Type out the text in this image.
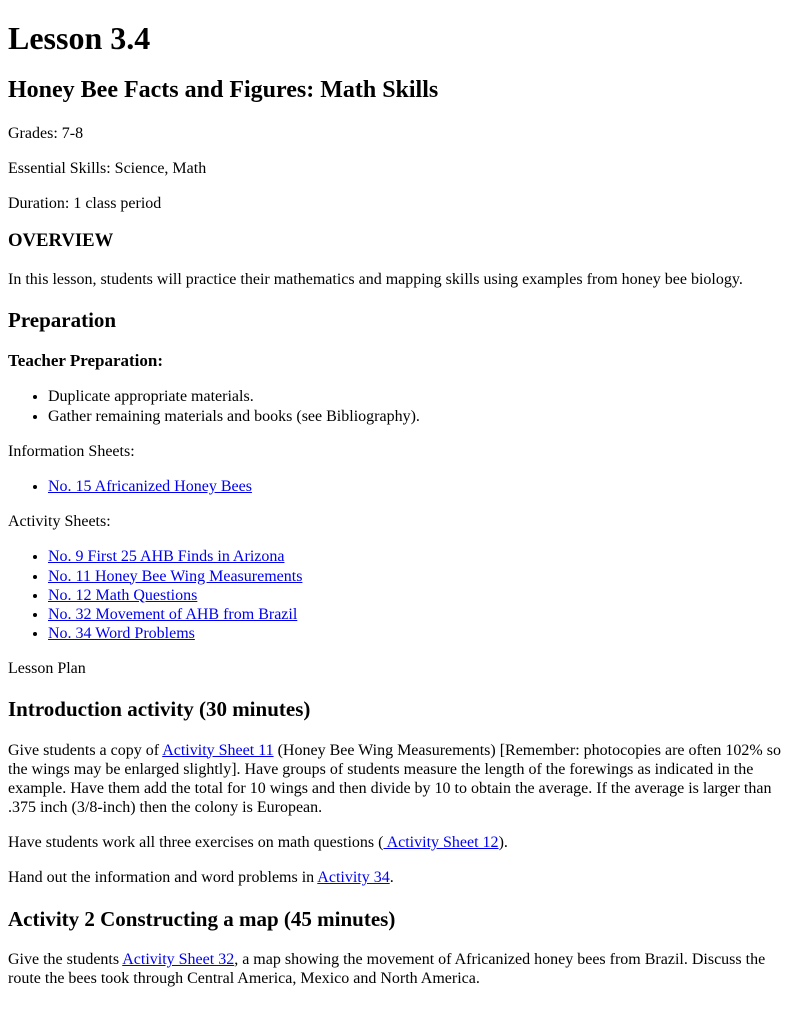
Lesson 3.4
Honey Bee Facts and Figures: Math Skills

Grades: 7-8

Essential Skills: Science, Math

Duration: 1 class period

OVERVIEW

In this lesson, students will practice their mathematics and mapping skills using examples from honey bee biology.

Preparation

Teacher Preparation:

• Duplicate appropriate materials.
• Gather remaining materials and books (see Bibliography).

Information Sheets:

• No. 15 Africanized Honey Bees

Activity Sheets:

• No. 9 First 25 AHB Finds in Arizona
• No. 11 Honey Bee Wing Measurements
• No. 12 Math Questions
• No. 32 Movement of AHB from Brazil
• No. 34 Word Problems

Lesson Plan

Introduction activity (30 minutes)

Give students a copy of Activity Sheet 11 (Honey Bee Wing Measurements) [Remember: photocopies are often 102% so the wings may be enlarged slightly]. Have groups of students measure the length of the forewings as indicated in the example. Have them add the total for 10 wings and then divide by 10 to obtain the average. If the average is larger than .375 inch (3/8-inch) then the colony is European.

Have students work all three exercises on math questions ( Activity Sheet 12).

Hand out the information and word problems in Activity 34.

Activity 2 Constructing a map (45 minutes)

Give the students Activity Sheet 32, a map showing the movement of Africanized honey bees from Brazil. Discuss the route the bees took through Central America, Mexico and North America.
